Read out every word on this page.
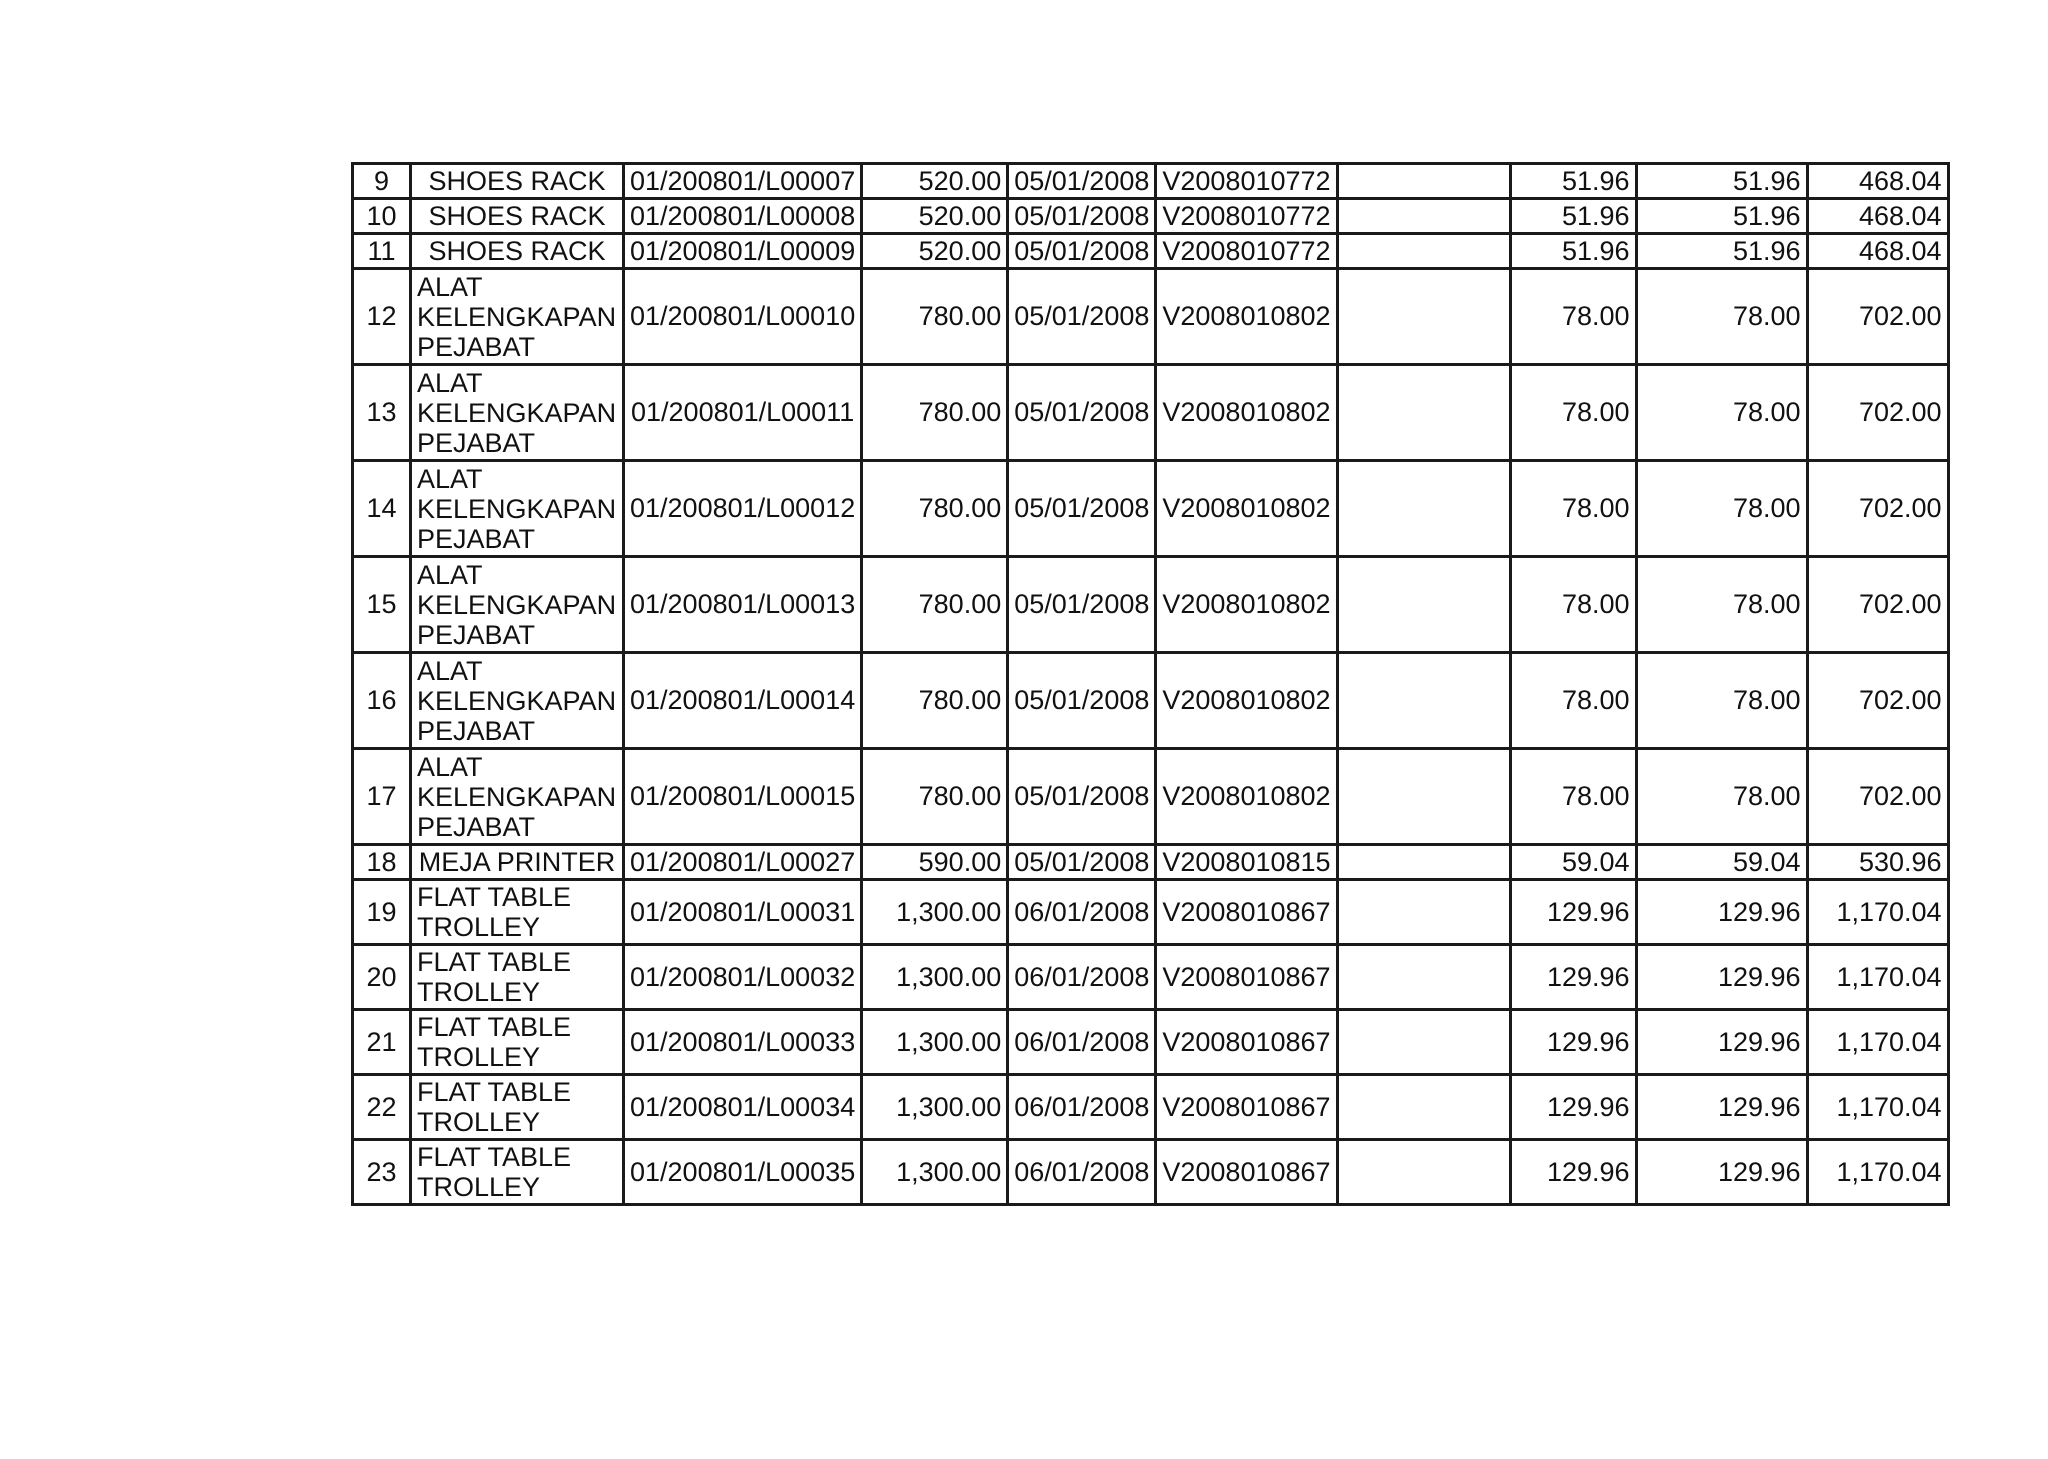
9	SHOES RACK	01/200801/L00007	520.00	05/01/2008	V2008010772		51.96	51.96	468.04
10	SHOES RACK	01/200801/L00008	520.00	05/01/2008	V2008010772		51.96	51.96	468.04
11	SHOES RACK	01/200801/L00009	520.00	05/01/2008	V2008010772		51.96	51.96	468.04
12	ALAT KELENGKAPAN PEJABAT	01/200801/L00010	780.00	05/01/2008	V2008010802		78.00	78.00	702.00
13	ALAT KELENGKAPAN PEJABAT	01/200801/L00011	780.00	05/01/2008	V2008010802		78.00	78.00	702.00
14	ALAT KELENGKAPAN PEJABAT	01/200801/L00012	780.00	05/01/2008	V2008010802		78.00	78.00	702.00
15	ALAT KELENGKAPAN PEJABAT	01/200801/L00013	780.00	05/01/2008	V2008010802		78.00	78.00	702.00
16	ALAT KELENGKAPAN PEJABAT	01/200801/L00014	780.00	05/01/2008	V2008010802		78.00	78.00	702.00
17	ALAT KELENGKAPAN PEJABAT	01/200801/L00015	780.00	05/01/2008	V2008010802		78.00	78.00	702.00
18	MEJA PRINTER	01/200801/L00027	590.00	05/01/2008	V2008010815		59.04	59.04	530.96
19	FLAT TABLE TROLLEY	01/200801/L00031	1,300.00	06/01/2008	V2008010867		129.96	129.96	1,170.04
20	FLAT TABLE TROLLEY	01/200801/L00032	1,300.00	06/01/2008	V2008010867		129.96	129.96	1,170.04
21	FLAT TABLE TROLLEY	01/200801/L00033	1,300.00	06/01/2008	V2008010867		129.96	129.96	1,170.04
22	FLAT TABLE TROLLEY	01/200801/L00034	1,300.00	06/01/2008	V2008010867		129.96	129.96	1,170.04
23	FLAT TABLE TROLLEY	01/200801/L00035	1,300.00	06/01/2008	V2008010867		129.96	129.96	1,170.04
